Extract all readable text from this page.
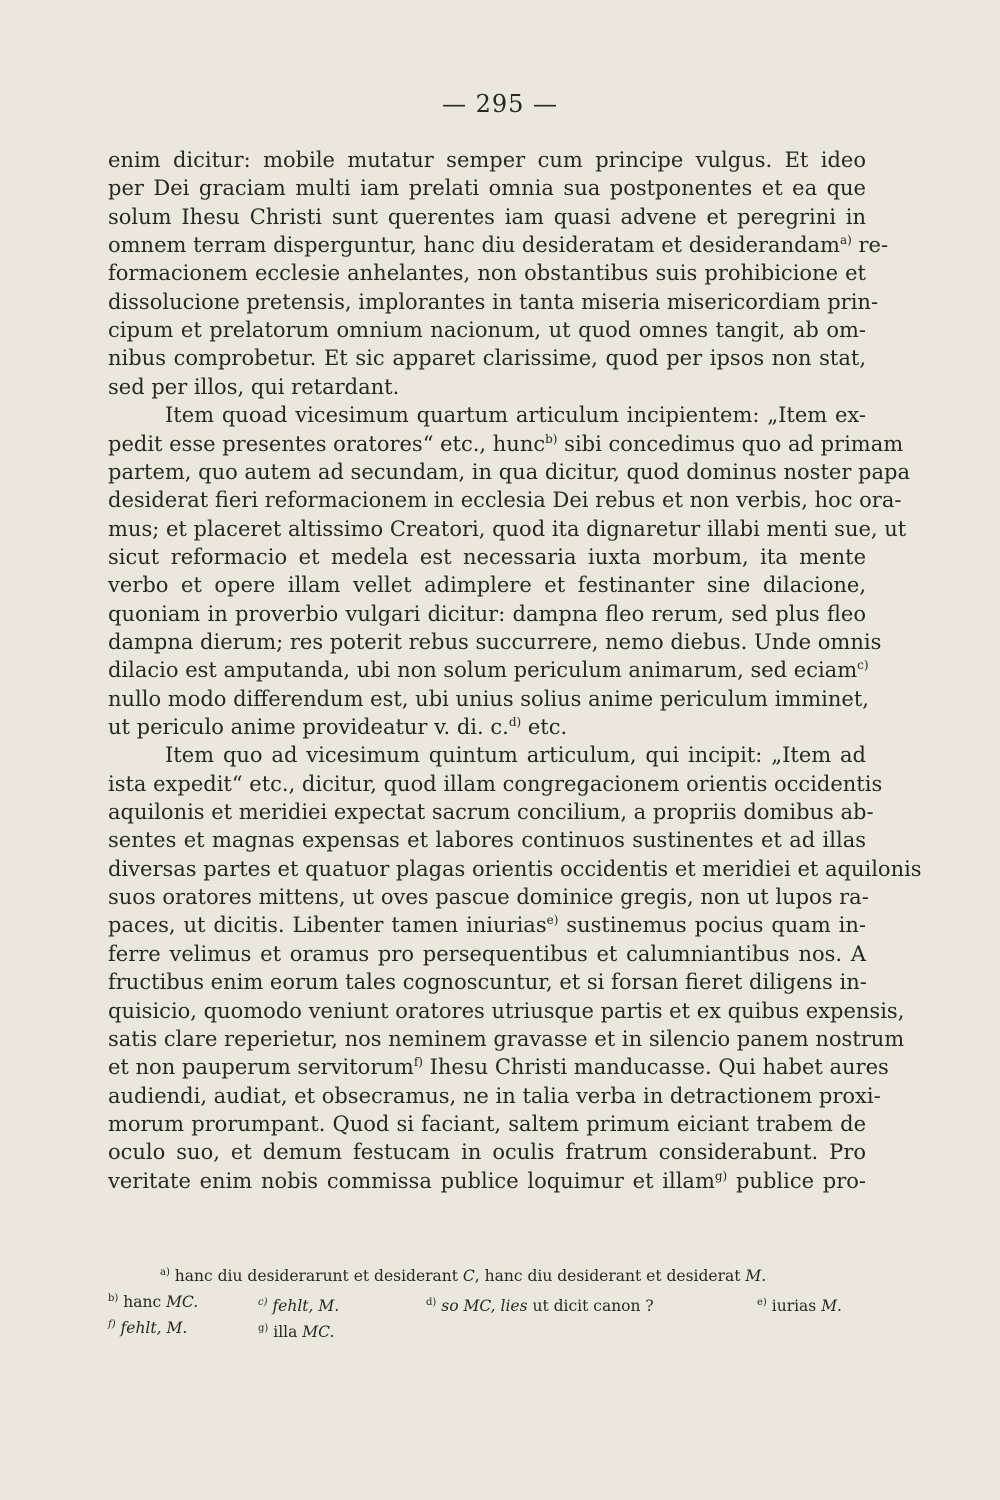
— 295 —
enim dicitur: mobile mutatur semper cum principe vulgus. Et ideo
per Dei graciam multi iam prelati omnia sua postponentes et ea que
solum Ihesu Christi sunt querentes iam quasi advene et peregrini in
omnem terram disperguntur, hanc diu desideratam et desiderandam$^{a)}$ re-
formacionem ecclesie anhelantes, non obstantibus suis prohibicione et
dissolucione pretensis, implorantes in tanta miseria misericordiam prin-
cipum et prelatorum omnium nacionum, ut quod omnes tangit, ab om-
nibus comprobetur. Et sic apparet clarissime, quod per ipsos non stat,
sed per illos, qui retardant.
Item quoad vicesimum quartum articulum incipientem: „Item ex-
pedit esse presentes oratores“ etc., hunc$^{b)}$ sibi concedimus quo ad primam
partem, quo autem ad secundam, in qua dicitur, quod dominus noster papa
desiderat fieri reformacionem in ecclesia Dei rebus et non verbis, hoc ora-
mus; et placeret altissimo Creatori, quod ita dignaretur illabi menti sue, ut
sicut reformacio et medela est necessaria iuxta morbum, ita mente
verbo et opere illam vellet adimplere et festinanter sine dilacione,
quoniam in proverbio vulgari dicitur: dampna fleo rerum, sed plus fleo
dampna dierum; res poterit rebus succurrere, nemo diebus. Unde omnis
dilacio est amputanda, ubi non solum periculum animarum, sed eciam$^{c)}$
nullo modo differendum est, ubi unius solius anime periculum imminet,
ut periculo anime provideatur v. di. c.$^{d)}$ etc.
Item quo ad vicesimum quintum articulum, qui incipit: „Item ad
ista expedit“ etc., dicitur, quod illam congregacionem orientis occidentis
aquilonis et meridiei expectat sacrum concilium, a propriis domibus ab-
sentes et magnas expensas et labores continuos sustinentes et ad illas
diversas partes et quatuor plagas orientis occidentis et meridiei et aquilonis
suos oratores mittens, ut oves pascue dominice gregis, non ut lupos ra-
paces, ut dicitis. Libenter tamen iniurias$^{e)}$ sustinemus pocius quam in-
ferre velimus et oramus pro persequentibus et calumniantibus nos. A
fructibus enim eorum tales cognoscuntur, et si forsan fieret diligens in-
quisicio, quomodo veniunt oratores utriusque partis et ex quibus expensis,
satis clare reperietur, nos neminem gravasse et in silencio panem nostrum
et non pauperum servitorum$^{f)}$ Ihesu Christi manducasse. Qui habet aures
audiendi, audiat, et obsecramus, ne in talia verba in detractionem proxi-
morum prorumpant. Quod si faciant, saltem primum eiciant trabem de
oculo suo, et demum festucam in oculis fratrum considerabunt. Pro
veritate enim nobis commissa publice loquimur et illam$^{g)}$ publice pro-
$^{a)}$ hanc diu desiderarunt et desiderant C, hanc diu desiderant et desiderat M.
$^{b)}$ hanc MC.	$^{c)}$ fehlt, M.	$^{d)}$ so MC, lies ut dicit canon ?	$^{e)}$ iurias M.
$^{f)}$ fehlt, M.	$^{g)}$ illa MC.
